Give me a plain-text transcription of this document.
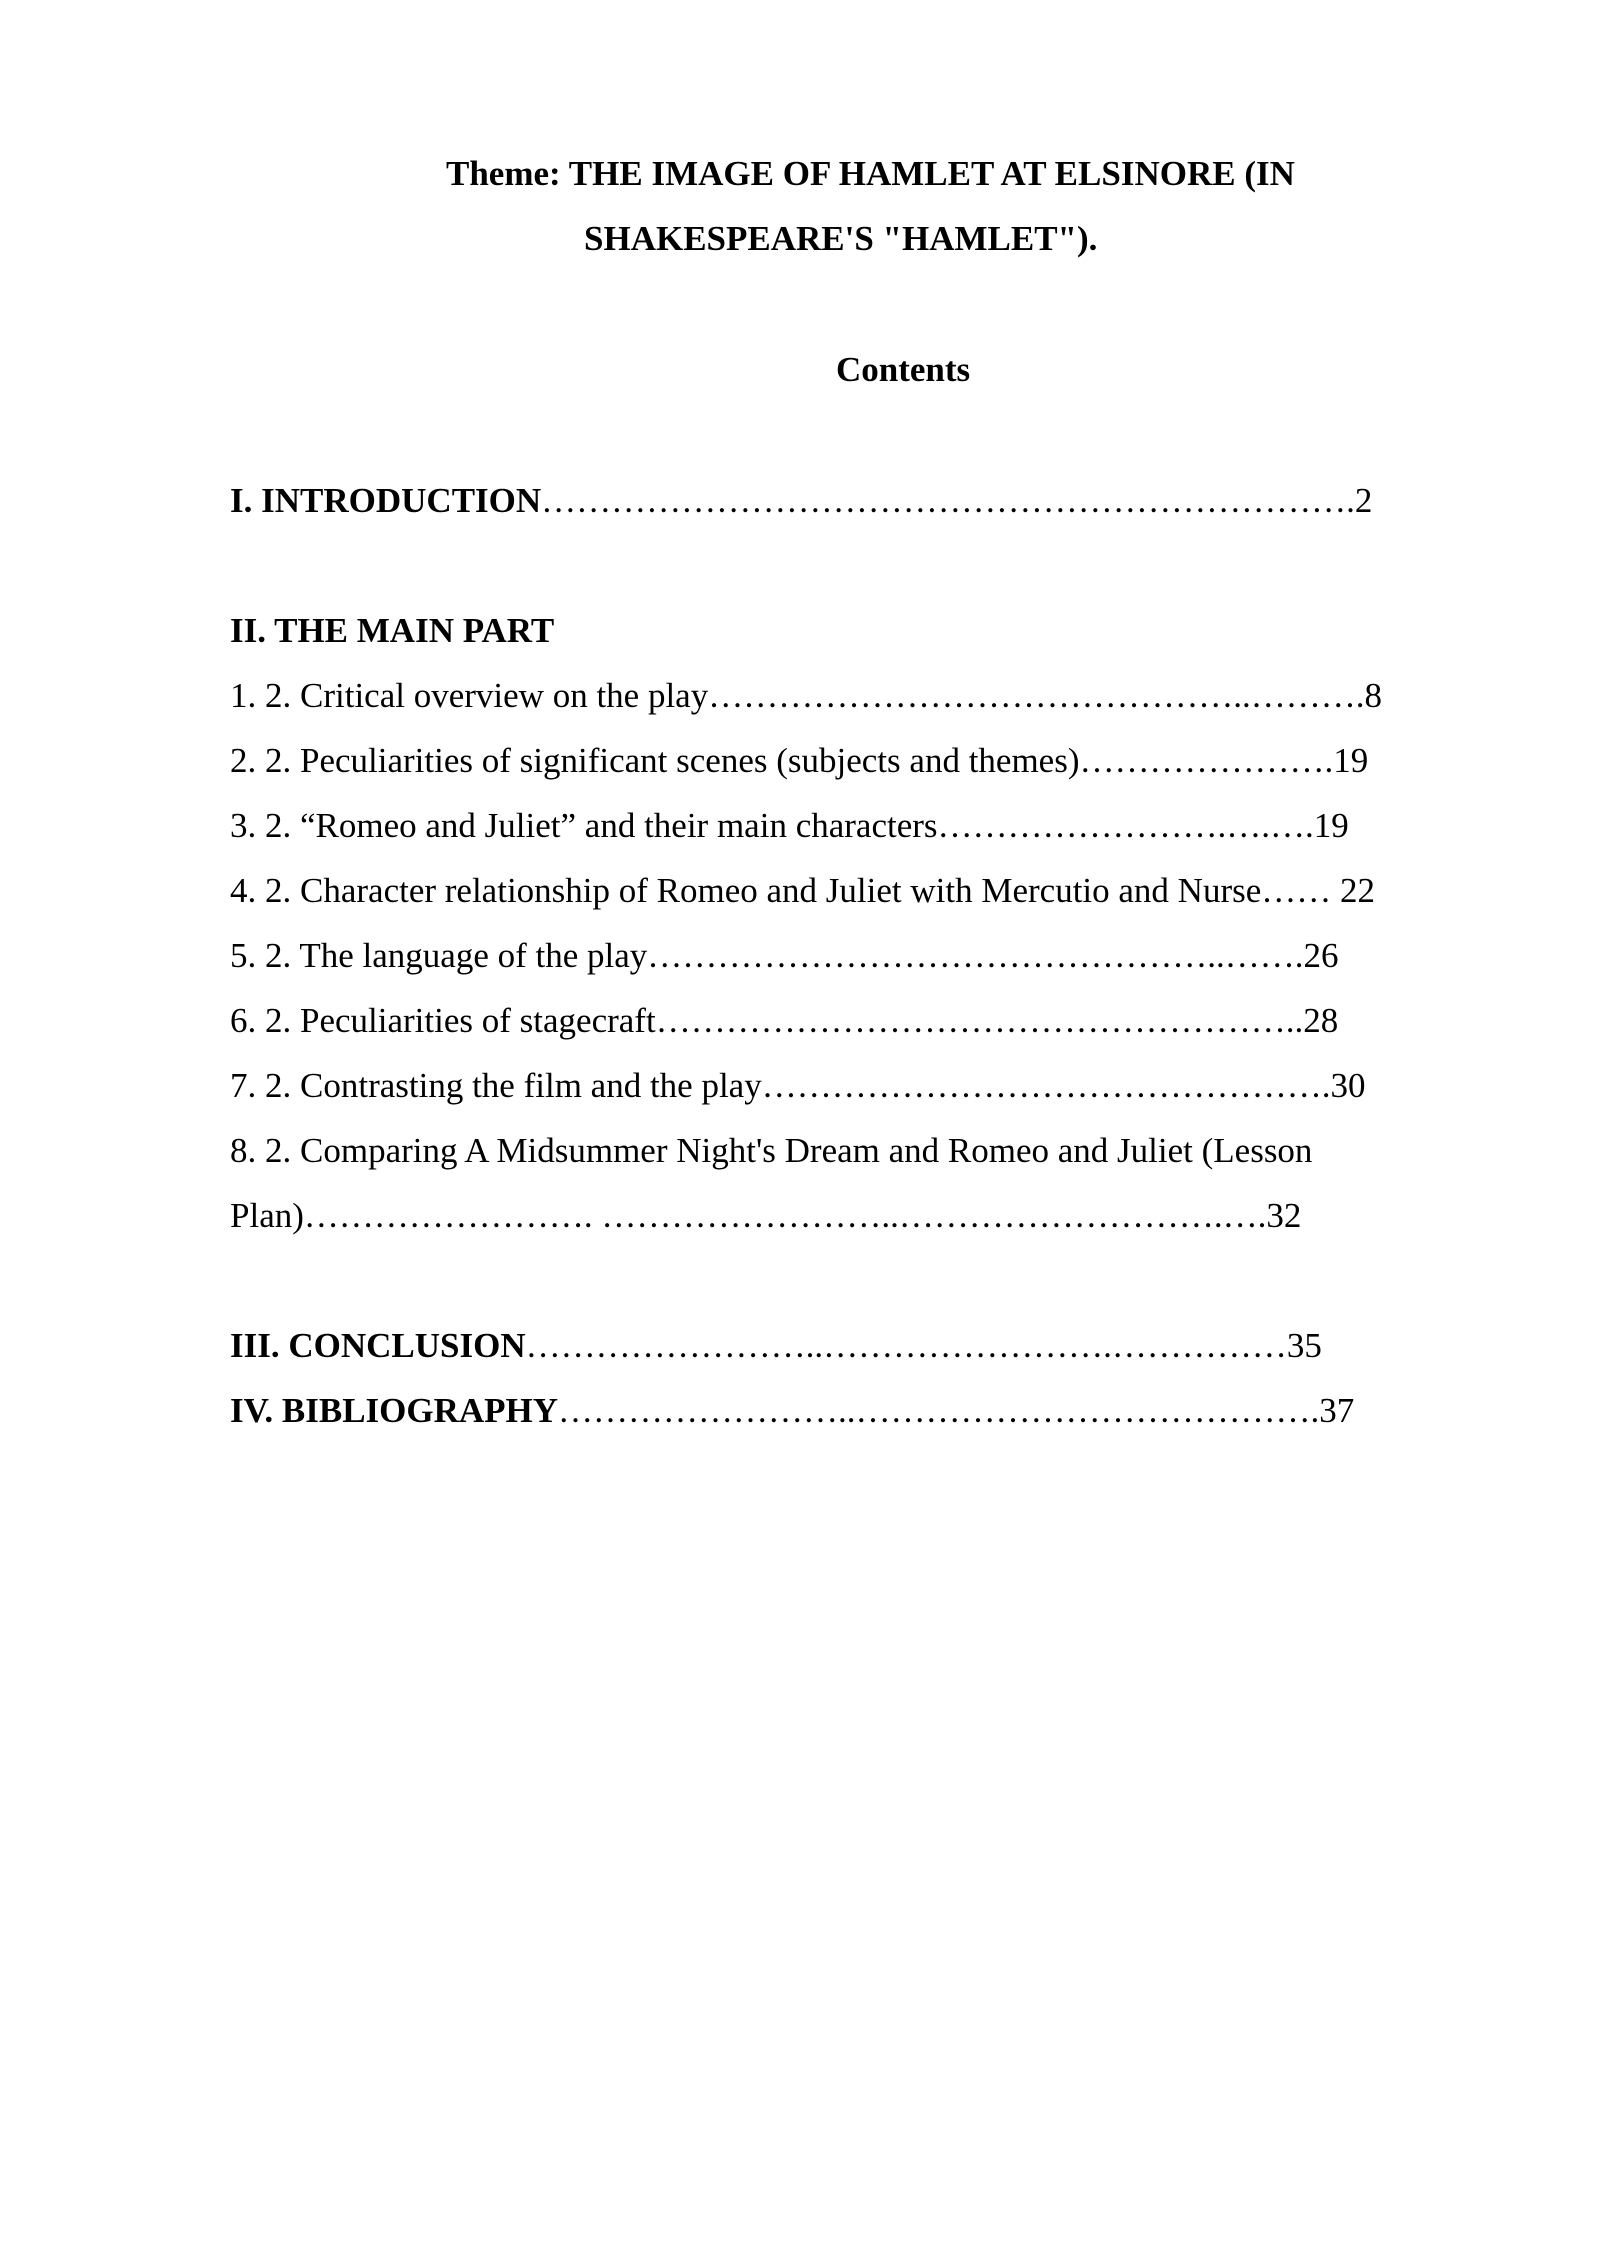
Theme: THE IMAGE OF HAMLET AT ELSINORE (IN
SHAKESPEARE'S "HAMLET").
Contents
I. INTRODUCTION…………………………………………………………….2
II. THE MAIN PART
1. 2. Critical overview on the play………………………………………..……….8
2. 2. Peculiarities of significant scenes (subjects and themes)………………….19
3. 2. “Romeo and Juliet” and their main characters…………………….….….19
4. 2. Character relationship of Romeo and Juliet with Mercutio and Nurse…… 22
5. 2. The language of the play…………………………………………..…….26
6. 2. Peculiarities of stagecraft………………………………………………..28
7. 2. Contrasting the film and the play………………………………………….30
8. 2. Comparing A Midsummer Night's Dream and Romeo and Juliet (Lesson
Plan)……………………. ……………………..……………………….….32
III. CONCLUSION……………………..…………………….……………35
IV. BIBLIOGRAPHY……………………..………………………………….37
